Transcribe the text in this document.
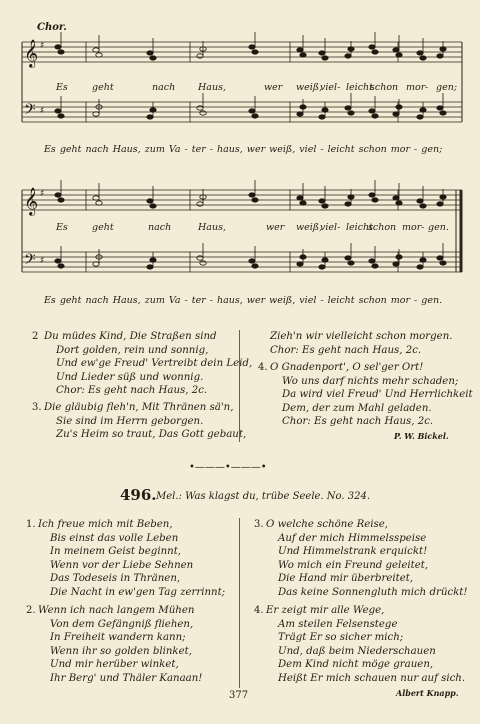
𝄞 ♯
𝄢 ♯
𝄞 ♯
𝄢 ♯
Chor.
Es	geht	nach Haus,	wer weiß,
viel- leicht
schon mor - gen;
Es geht nach Haus, zum Va - ter - haus, wer weiß, viel - leicht schon mor - gen;
Es	geht	nach	Haus,	wer weiß,
viel- leicht
schon mor- gen.
Es geht nach Haus, zum Va - ter - haus, wer weiß, viel - leicht schon mor - gen.
2 Du müdes Kind, Die Straßen sind
Dort golden, rein und sonnig,
Und ew'ge Freud' Vertreibt dein Leid,
Und Lieder süß und wonnig.
Chor: Es geht nach Haus, 2c.
3. Die gläubig fleh'n, Mit Thränen sä'n,
Sie sind im Herrn geborgen.
Zu's Heim so traut, Das Gott gebaut,
Zieh'n wir vielleicht schon morgen.
Chor: Es geht nach Haus, 2c.
4. O Gnadenport', O sel'ger Ort!
Wo uns darf nichts mehr schaden;
Da wird viel Freud' Und Herrlichkeit
Dem, der zum Mahl geladen.
Chor: Es geht nach Haus, 2c.
P. W. Bickel.
•———•———•
496. Mel.: Was klagst du, trübe Seele. No. 324.
1. Ich freue mich mit Beben,
Bis einst das volle Leben
In meinem Geist beginnt,
Wenn vor der Liebe Sehnen
Das Todeseis in Thränen,
Die Nacht in ew'gen Tag zerrinnt;
2. Wenn ich nach langem Mühen
Von dem Gefängniß fliehen,
In Freiheit wandern kann;
Wenn ihr so golden blinket,
Und mir herüber winket,
Ihr Berg' und Thäler Kanaan!
3. O welche schöne Reise,
Auf der mich Himmelsspeise
Und Himmelstrank erquickt!
Wo mich ein Freund geleitet,
Die Hand mir überbreitet,
Das keine Sonnengluth mich drückt!
4. Er zeigt mir alle Wege,
Am steilen Felsenstege
Trägt Er so sicher mich;
Und, daß beim Niederschauen
Dem Kind nicht möge grauen,
Heißt Er mich schauen nur auf sich.
Albert Knapp.
377
